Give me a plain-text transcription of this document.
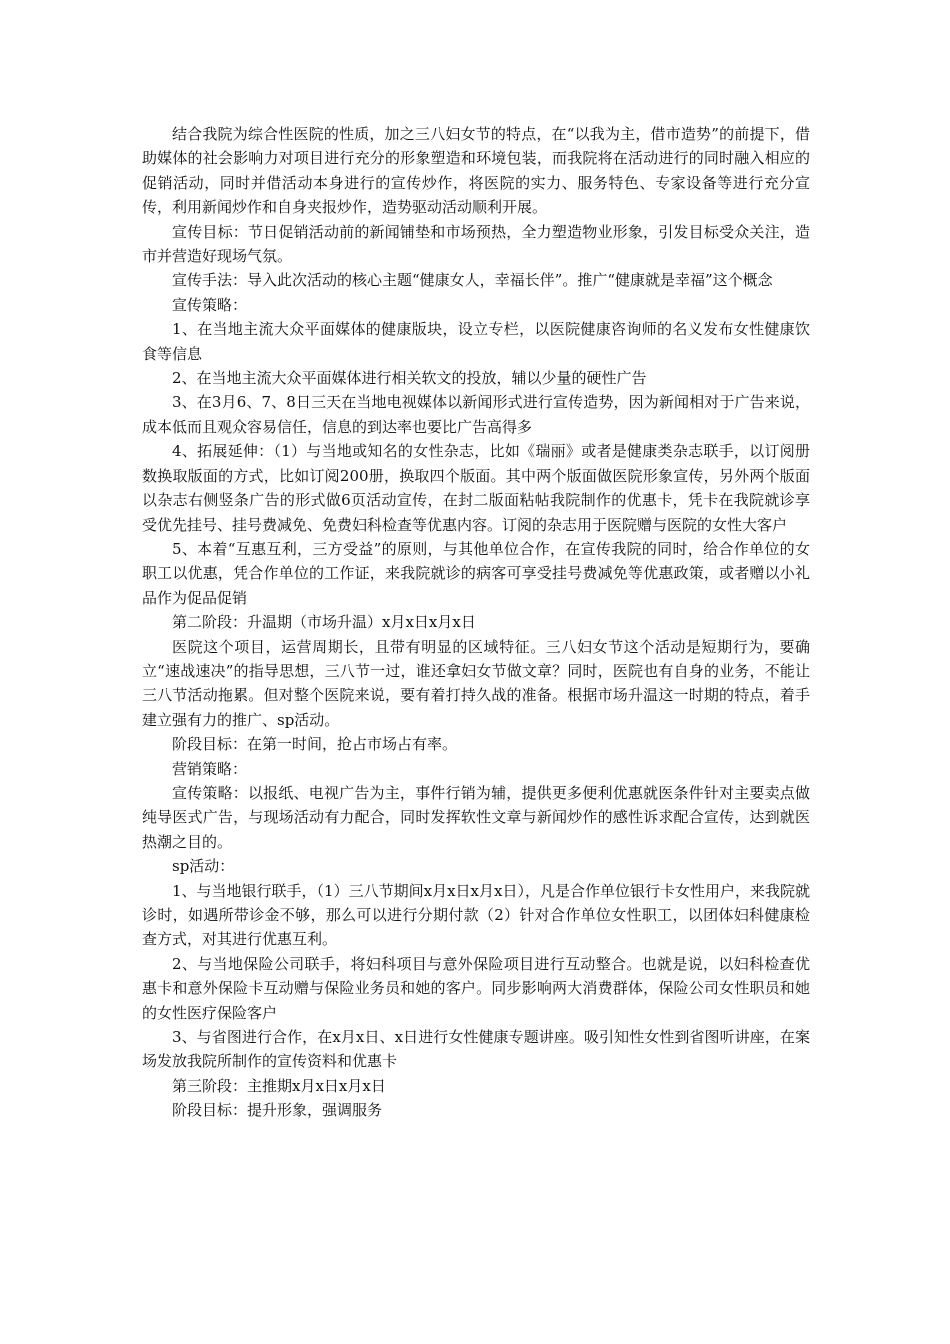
结合我院为综合性医院的性质，加之三八妇女节的特点，在“以我为主，借市造势”的前提下，借助媒体的社会影响力对项目进行充分的形象塑造和环境包装，而我院将在活动进行的同时融入相应的促销活动，同时并借活动本身进行的宣传炒作，将医院的实力、服务特色、专家设备等进行充分宣传，利用新闻炒作和自身夹报炒作，造势驱动活动顺利开展。

宣传目标：节日促销活动前的新闻铺垫和市场预热，全力塑造物业形象，引发目标受众关注，造市并营造好现场气氛。

宣传手法：导入此次活动的核心主题“健康女人，幸福长伴”。推广“健康就是幸福”这个概念

宣传策略：

1、在当地主流大众平面媒体的健康版块，设立专栏，以医院健康咨询师的名义发布女性健康饮食等信息

2、在当地主流大众平面媒体进行相关软文的投放，辅以少量的硬性广告

3、在3月6、7、8日三天在当地电视媒体以新闻形式进行宣传造势，因为新闻相对于广告来说，成本低而且观众容易信任，信息的到达率也要比广告高得多

4、拓展延伸：（1）与当地或知名的女性杂志，比如《瑞丽》或者是健康类杂志联手，以订阅册数换取版面的方式，比如订阅200册，换取四个版面。其中两个版面做医院形象宣传，另外两个版面以杂志右侧竖条广告的形式做6页活动宣传，在封二版面粘帖我院制作的优惠卡，凭卡在我院就诊享受优先挂号、挂号费减免、免费妇科检查等优惠内容。订阅的杂志用于医院赠与医院的女性大客户

5、本着“互惠互利，三方受益”的原则，与其他单位合作，在宣传我院的同时，给合作单位的女职工以优惠，凭合作单位的工作证，来我院就诊的病客可享受挂号费减免等优惠政策，或者赠以小礼品作为促品促销

第二阶段：升温期（市场升温）x月x日x月x日

医院这个项目，运营周期长，且带有明显的区域特征。三八妇女节这个活动是短期行为，要确立“速战速决”的指导思想，三八节一过，谁还拿妇女节做文章？同时，医院也有自身的业务，不能让三八节活动拖累。但对整个医院来说，要有着打持久战的准备。根据市场升温这一时期的特点，着手建立强有力的推广、sp活动。

阶段目标：在第一时间，抢占市场占有率。

营销策略：

宣传策略：以报纸、电视广告为主，事件行销为辅，提供更多便利优惠就医条件针对主要卖点做纯导医式广告，与现场活动有力配合，同时发挥软性文章与新闻炒作的感性诉求配合宣传，达到就医热潮之目的。

sp活动：

1、与当地银行联手，（1）三八节期间x月x日x月x日），凡是合作单位银行卡女性用户，来我院就诊时，如遇所带诊金不够，那么可以进行分期付款（2）针对合作单位女性职工，以团体妇科健康检查方式，对其进行优惠互利。

2、与当地保险公司联手，将妇科项目与意外保险项目进行互动整合。也就是说，以妇科检查优惠卡和意外保险卡互动赠与保险业务员和她的客户。同步影响两大消费群体，保险公司女性职员和她的女性医疗保险客户

3、与省图进行合作，在x月x日、x日进行女性健康专题讲座。吸引知性女性到省图听讲座，在案场发放我院所制作的宣传资料和优惠卡

第三阶段：主推期x月x日x月x日

阶段目标：提升形象，强调服务
